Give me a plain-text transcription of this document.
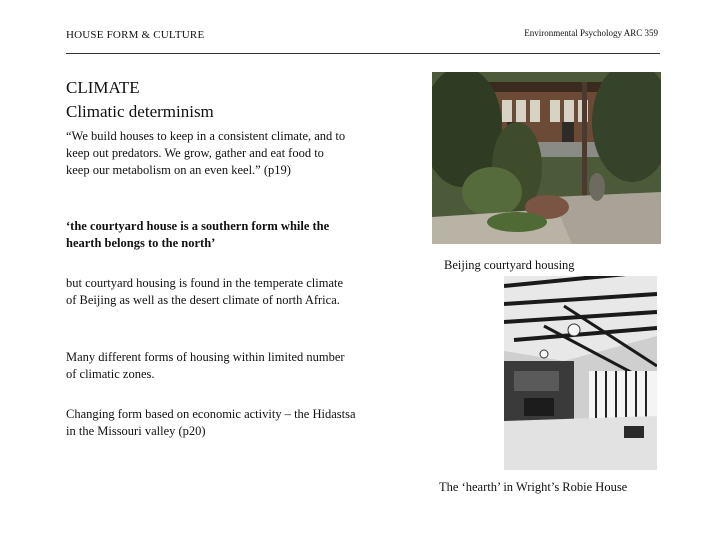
HOUSE FORM & CULTURE	Environmental Psychology ARC 359
CLIMATE
Climatic determinism
“We build houses to keep in a consistent climate, and to keep out predators. We grow, gather and eat food to keep our metabolism on an even keel.” (p19)
‘the courtyard house is a southern form while the hearth belongs to the north’
but courtyard housing is found in the temperate climate of Beijing as well as the desert climate of north Africa.
Many different forms of housing within limited number of climatic zones.
Changing form based on economic activity – the Hidastsa in the Missouri valley (p20)
Beijing courtyard housing
The ‘hearth’ in Wright’s Robie House
